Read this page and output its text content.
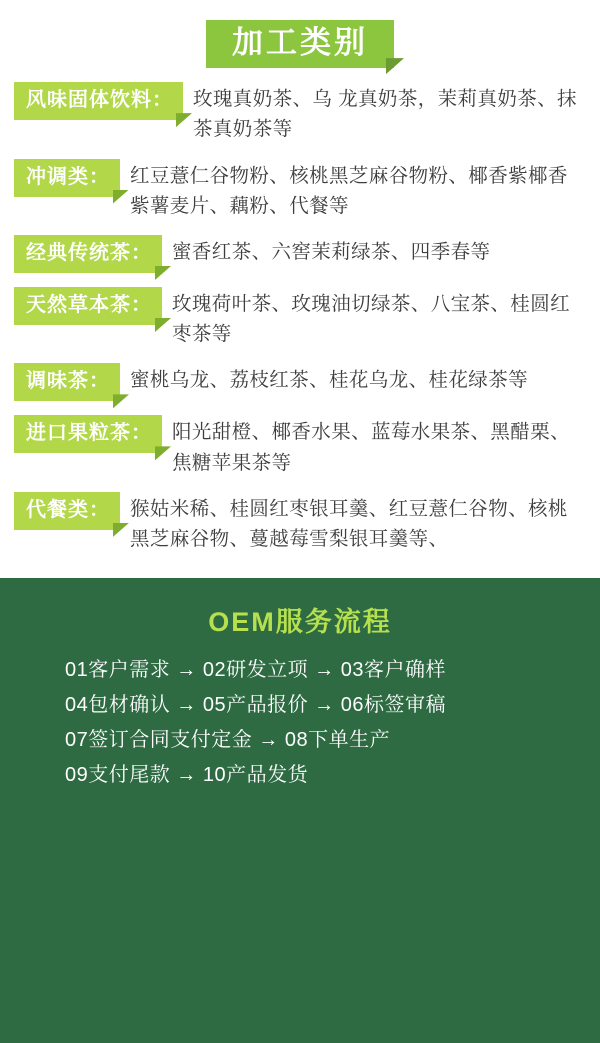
加工类别
风味固体饮料：	玫瑰真奶茶、乌 龙真奶茶，茉莉真奶茶、抹茶真奶茶等
冲调类：	红豆薏仁谷物粉、核桃黑芝麻谷物粉、椰香紫椰香紫薯麦片、藕粉、代餐等
经典传统茶：	蜜香红茶、六窖茉莉绿茶、四季春等
天然草本茶：	玫瑰荷叶茶、玫瑰油切绿茶、八宝茶、桂圆红枣茶等
调味茶：	蜜桃乌龙、荔枝红茶、桂花乌龙、桂花绿茶等
进口果粒茶：	阳光甜橙、椰香水果、蓝莓水果茶、黑醋栗、焦糖苹果茶等
代餐类：	猴姑米稀、桂圆红枣银耳羹、红豆薏仁谷物、核桃黑芝麻谷物、蔓越莓雪梨银耳羹等、
OEM服务流程
01客户需求 → 02研发立项 → 03客户确样
04包材确认 → 05产品报价 → 06标签审稿
07签订合同支付定金 → 08下单生产
09支付尾款 → 10产品发货
